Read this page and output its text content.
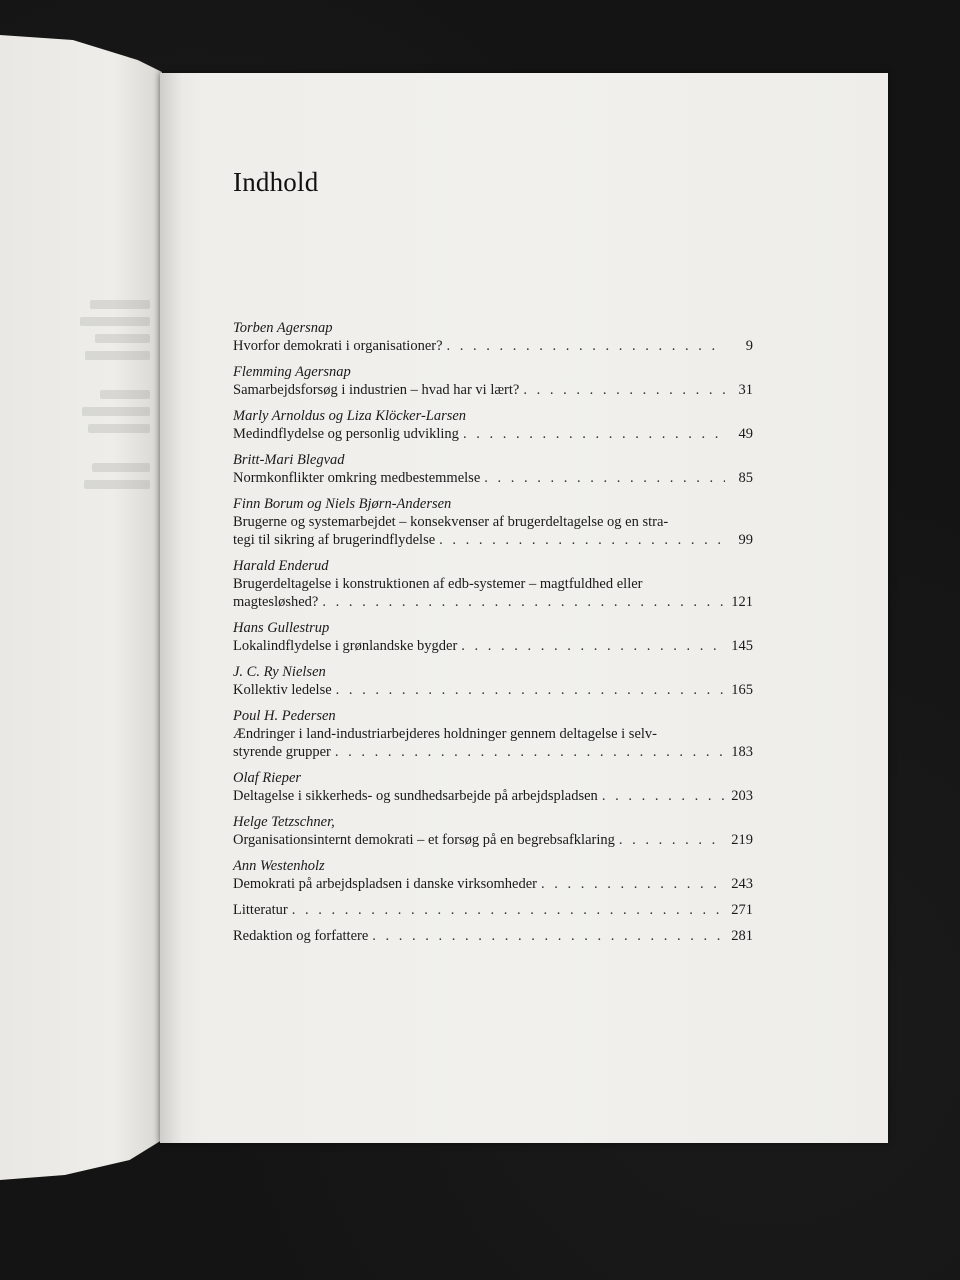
Indhold
Torben Agersnap
Hvorfor demokrati i organisationer? . . .	9
Flemming Agersnap
Samarbejdsforsøg i industrien – hvad har vi lært? . . .	31
Marly Arnoldus og Liza Klöcker-Larsen
Medindflydelse og personlig udvikling . . .	49
Britt-Mari Blegvad
Normkonflikter omkring medbestemmelse . . .	85
Finn Borum og Niels Bjørn-Andersen
Brugerne og systemarbejdet – konsekvenser af brugerdeltagelse og en stra-
tegi til sikring af brugerindflydelse . . .	99
Harald Enderud
Brugerdeltagelse i konstruktionen af edb-systemer – magtfuldhed eller
magtesløshed? . . .	121
Hans Gullestrup
Lokalindflydelse i grønlandske bygder . . .	145
J. C. Ry Nielsen
Kollektiv ledelse . . .	165
Poul H. Pedersen
Ændringer i land-industriarbejderes holdninger gennem deltagelse i selv-
styrende grupper . . .	183
Olaf Rieper
Deltagelse i sikkerheds- og sundhedsarbejde på arbejdspladsen . . .	203
Helge Tetzschner,
Organisationsinternt demokrati – et forsøg på en begrebsafklaring . . .	219
Ann Westenholz
Demokrati på arbejdspladsen i danske virksomheder . . .	243
Litteratur . . .	271
Redaktion og forfattere . . .	281
